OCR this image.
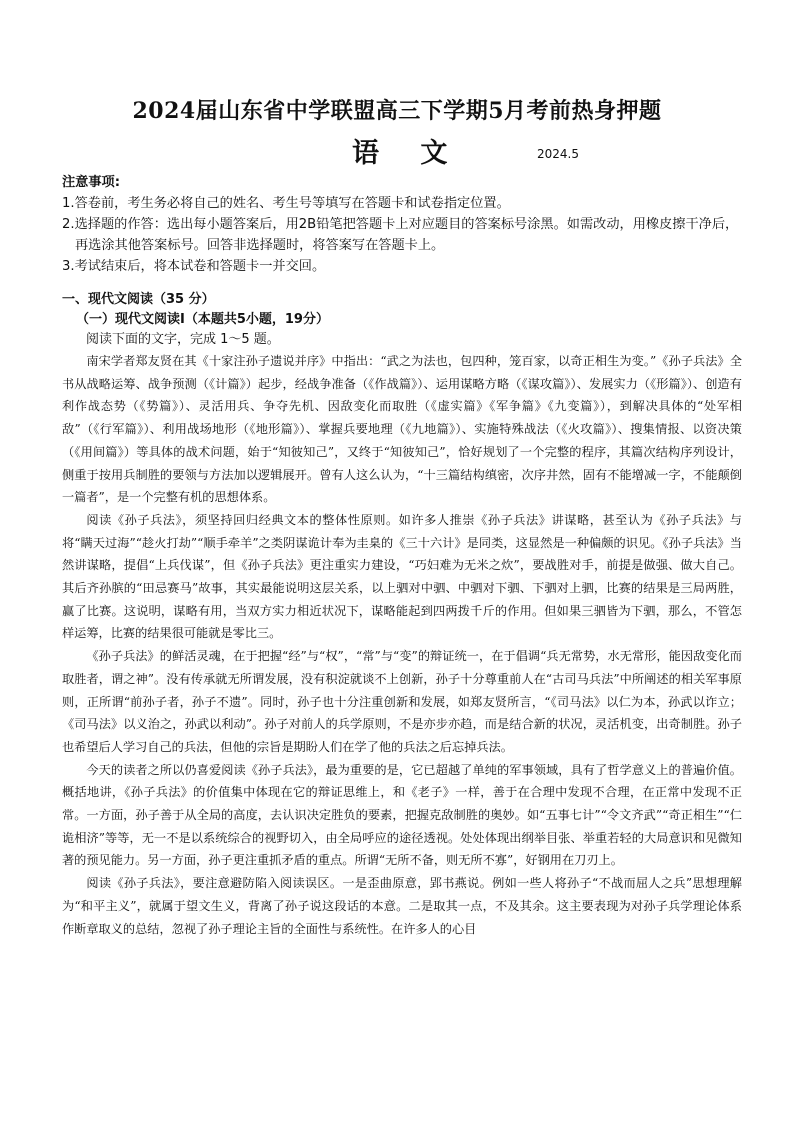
2024届山东省中学联盟高三下学期5月考前热身押题
语 文	2024.5
注意事项:
1.答卷前，考生务必将自己的姓名、考生号等填写在答题卡和试卷指定位置。
2.选择题的作答：选出每小题答案后，用2B铅笔把答题卡上对应题目的答案标号涂黑。如需改动，用橡皮擦干净后，再选涂其他答案标号。回答非选择题时，将答案写在答题卡上。
3.考试结束后，将本试卷和答题卡一并交回。
一、现代文阅读（35 分）
（一）现代文阅读Ⅰ（本题共5小题，19分）
阅读下面的文字，完成 1～5 题。

南宋学者郑友贤在其《十家注孙子遗说并序》中指出：“武之为法也，包四种，笼百家，以奇正相生为变。”《孙子兵法》全书从战略运筹、战争预测（《计篇》）起步，经战争准备（《作战篇》）、运用谋略方略（《谋攻篇》）、发展实力（《形篇》）、创造有利作战态势（《势篇》）、灵活用兵、争夺先机、因敌变化而取胜（《虚实篇》《军争篇》《九变篇》），到解决具体的“处军相敌”（《行军篇》）、利用战场地形（《地形篇》）、掌握兵要地理（《九地篇》）、实施特殊战法（《火攻篇》）、搜集情报、以资决策（《用间篇》）等具体的战术问题，始于“知彼知己”，又终于“知彼知己”，恰好规划了一个完整的程序，其篇次结构序列设计，侧重于按用兵制胜的要领与方法加以逻辑展开。曾有人这么认为，“十三篇结构缜密，次序井然，固有不能增减一字，不能颠倒一篇者”，是一个完整有机的思想体系。

阅读《孙子兵法》，须坚持回归经典文本的整体性原则。如许多人推崇《孙子兵法》讲谋略，甚至认为《孙子兵法》与将“瞒天过海”“趁火打劫”“顺手牵羊”之类阴谋诡计奉为圭臬的《三十六计》是同类，这显然是一种偏颇的识见。《孙子兵法》当然讲谋略，提倡“上兵伐谋”，但《孙子兵法》更注重实力建设，“巧妇难为无米之炊”，要战胜对手，前提是做强、做大自己。其后齐孙膑的“田忌赛马”故事，其实最能说明这层关系，以上驷对中驷、中驷对下驷、下驷对上驷，比赛的结果是三局两胜，赢了比赛。这说明，谋略有用，当双方实力相近状况下，谋略能起到四两拨千斤的作用。但如果三驷皆为下驷，那么，不管怎样运筹，比赛的结果很可能就是零比三。

《孙子兵法》的鲜活灵魂，在于把握“经”与“权”，“常”与“变”的辩证统一，在于倡调“兵无常势，水无常形，能因敌变化而取胜者，谓之神”。没有传承就无所谓发展，没有积淀就谈不上创新，孙子十分尊重前人在“古司马兵法”中所阐述的相关军事原则，正所谓“前孙子者，孙子不遗”。同时，孙子也十分注重创新和发展，如郑友贤所言，“《司马法》以仁为本，孙武以诈立；《司马法》以义治之，孙武以利动”。孙子对前人的兵学原则，不是亦步亦趋，而是结合新的状况，灵活机变，出奇制胜。孙子也希望后人学习自己的兵法，但他的宗旨是期盼人们在学了他的兵法之后忘掉兵法。

今天的读者之所以仍喜爱阅读《孙子兵法》，最为重要的是，它已超越了单纯的军事领域，具有了哲学意义上的普遍价值。概括地讲，《孙子兵法》的价值集中体现在它的辩证思维上，和《老子》一样，善于在合理中发现不合理，在正常中发现不正常。一方面，孙子善于从全局的高度，去认识决定胜负的要素，把握克敌制胜的奥妙。如“五事七计”“令文齐武”“奇正相生”“仁诡相济”等等，无一不是以系统综合的视野切入，由全局呼应的途径透视。处处体现出纲举目张、举重若轻的大局意识和见微知著的预见能力。另一方面，孙子更注重抓矛盾的重点。所谓“无所不备，则无所不寡”，好钢用在刀刃上。

阅读《孙子兵法》，要注意避防陷入阅读误区。一是歪曲原意，郢书燕说。例如一些人将孙子“不战而屈人之兵”思想理解为“和平主义”，就属于望文生义，背离了孙子说这段话的本意。二是取其一点，不及其余。这主要表现为对孙子兵学理论体系作断章取义的总结，忽视了孙子理论主旨的全面性与系统性。在许多人的心目
